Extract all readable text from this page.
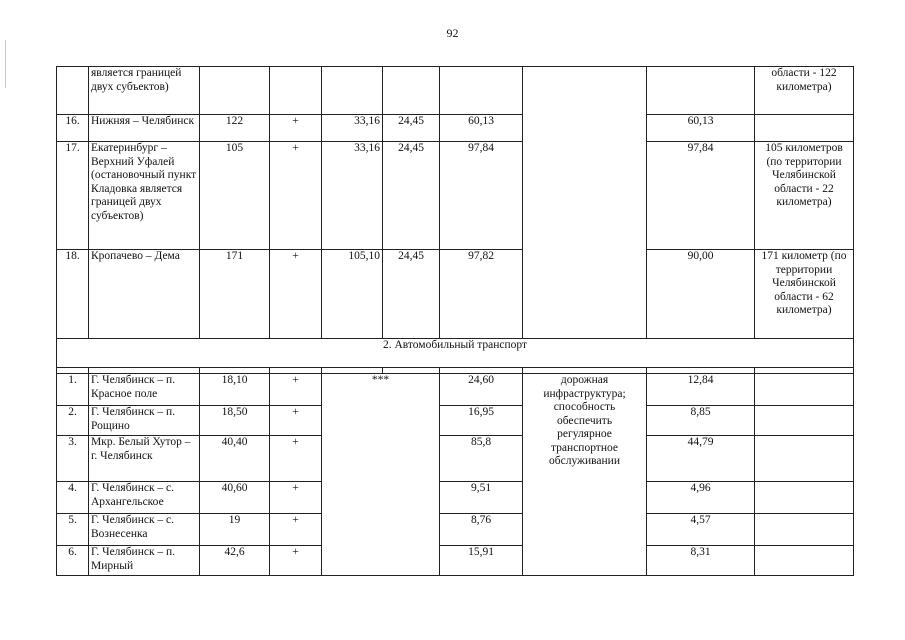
92
	является границей двух субъектов)								области - 122 километра)
16.	Нижняя – Челябинск	122	+	33,16	24,45	60,13		60,13	
17.	Екатеринбург – Верхний Уфалей (остановочный пункт Кладовка является границей двух субъектов)	105	+	33,16	24,45	97,84		97,84	105 километров (по территории Челябинской области - 22 километра)
18.	Кропачево – Дема	171	+	105,10	24,45	97,82		90,00	171 километр (по территории Челябинской области - 62 километра)
2. Автомобильный транспорт									

1.	Г. Челябинск – п. Красное поле	18,10	+	***		24,60	дорожная инфраструктура; способность обеспечить регулярное транспортное обслуживании	12,84	
2.	Г. Челябинск – п. Рощино	18,50	+			16,95		8,85	
3.	Мкр. Белый Хутор – г. Челябинск	40,40	+			85,8		44,79	
4.	Г. Челябинск – с. Архангельское	40,60	+			9,51		4,96	
5.	Г. Челябинск – с. Вознесенка	19	+			8,76		4,57	
6.	Г. Челябинск – п. Мирный	42,6	+			15,91		8,31	
